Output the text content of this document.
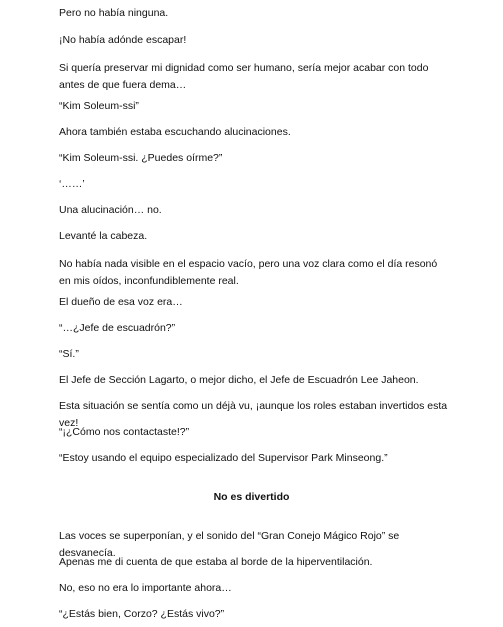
Pero no había ninguna.

¡No había adónde escapar!

Si quería preservar mi dignidad como ser humano, sería mejor acabar con todo antes de que fuera dema…

“Kim Soleum-ssi”

Ahora también estaba escuchando alucinaciones.

“Kim Soleum-ssi. ¿Puedes oírme?”

‘……’

Una alucinación… no.

Levanté la cabeza.

No había nada visible en el espacio vacío, pero una voz clara como el día resonó en mis oídos, inconfundiblemente real.

El dueño de esa voz era…

“…¿Jefe de escuadrón?”

“Sí.”

El Jefe de Sección Lagarto, o mejor dicho, el Jefe de Escuadrón Lee Jaheon.

Esta situación se sentía como un déjà vu, ¡aunque los roles estaban invertidos esta vez!

“¡¿Cómo nos contactaste!?”

“Estoy usando el equipo especializado del Supervisor Park Minseong.”

No es divertido

Las voces se superponían, y el sonido del “Gran Conejo Mágico Rojo” se desvanecía.

Apenas me di cuenta de que estaba al borde de la hiperventilación.

No, eso no era lo importante ahora…

“¿Estás bien, Corzo? ¿Estás vivo?”
